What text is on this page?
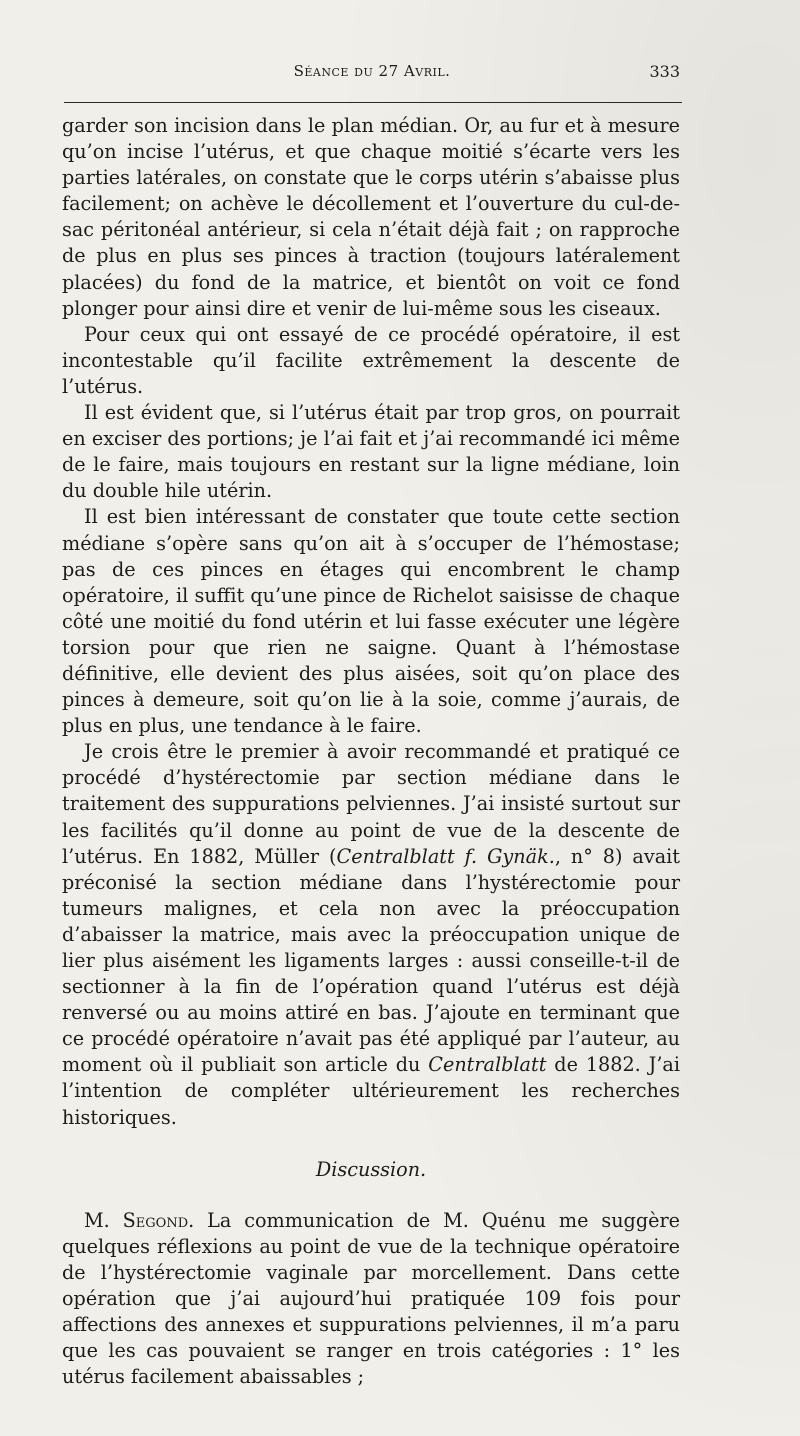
Séance du 27 Avril.	333

garder son incision dans le plan médian. Or, au fur et à mesure qu’on incise l’utérus, et que chaque moitié s’écarte vers les parties latérales, on constate que le corps utérin s’abaisse plus facilement; on achève le décollement et l’ouverture du cul-de-sac péritonéal antérieur, si cela n’était déjà fait ; on rapproche de plus en plus ses pinces à traction (toujours latéralement placées) du fond de la matrice, et bientôt on voit ce fond plonger pour ainsi dire et venir de lui-même sous les ciseaux.

Pour ceux qui ont essayé de ce procédé opératoire, il est incontestable qu’il facilite extrêmement la descente de l’utérus.

Il est évident que, si l’utérus était par trop gros, on pourrait en exciser des portions; je l’ai fait et j’ai recommandé ici même de le faire, mais toujours en restant sur la ligne médiane, loin du double hile utérin.

Il est bien intéressant de constater que toute cette section médiane s’opère sans qu’on ait à s’occuper de l’hémostase; pas de ces pinces en étages qui encombrent le champ opératoire, il suffit qu’une pince de Richelot saisisse de chaque côté une moitié du fond utérin et lui fasse exécuter une légère torsion pour que rien ne saigne. Quant à l’hémostase définitive, elle devient des plus aisées, soit qu’on place des pinces à demeure, soit qu’on lie à la soie, comme j’aurais, de plus en plus, une tendance à le faire.

Je crois être le premier à avoir recommandé et pratiqué ce procédé d’hystérectomie par section médiane dans le traitement des suppurations pelviennes. J’ai insisté surtout sur les facilités qu’il donne au point de vue de la descente de l’utérus. En 1882, Müller (Centralblatt f. Gynäk., n° 8) avait préconisé la section médiane dans l’hystérectomie pour tumeurs malignes, et cela non avec la préoccupation d’abaisser la matrice, mais avec la préoccupation unique de lier plus aisément les ligaments larges : aussi conseille-t-il de sectionner à la fin de l’opération quand l’utérus est déjà renversé ou au moins attiré en bas. J’ajoute en terminant que ce procédé opératoire n’avait pas été appliqué par l’auteur, au moment où il publiait son article du Centralblatt de 1882. J’ai l’intention de compléter ultérieurement les recherches historiques.

Discussion.

M. Segond. La communication de M. Quénu me suggère quelques réflexions au point de vue de la technique opératoire de l’hystérectomie vaginale par morcellement. Dans cette opération que j’ai aujourd’hui pratiquée 109 fois pour affections des annexes et suppurations pelviennes, il m’a paru que les cas pouvaient se ranger en trois catégories : 1° les utérus facilement abaissables ;
